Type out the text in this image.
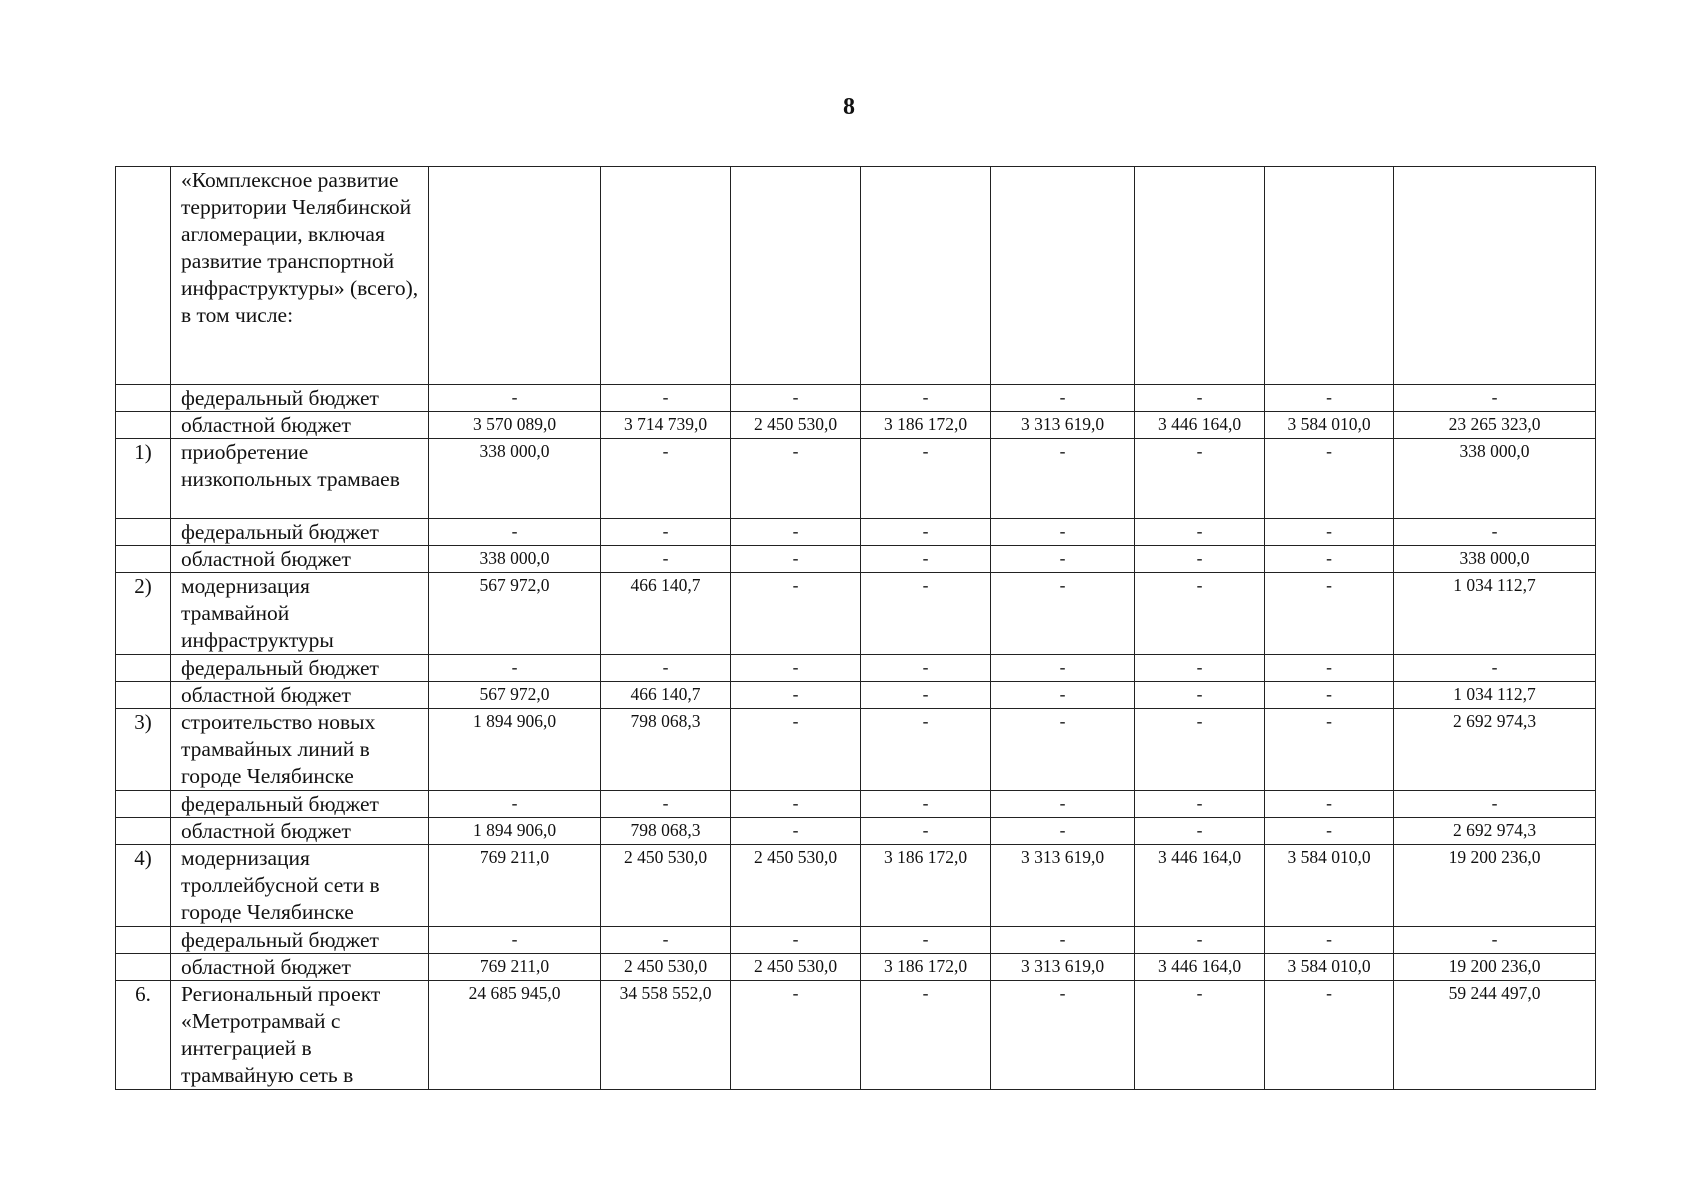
8
	«Комплексное развитие территории Челябинской агломерации, включая развитие транспортной инфраструктуры» (всего), в том числе:								
	федеральный бюджет	-	-	-	-	-	-	-	-
	областной бюджет	3 570 089,0	3 714 739,0	2 450 530,0	3 186 172,0	3 313 619,0	3 446 164,0	3 584 010,0	23 265 323,0
1)	приобретение низкопольных трамваев	338 000,0	-	-	-	-	-	-	338 000,0
	федеральный бюджет	-	-	-	-	-	-	-	-
	областной бюджет	338 000,0	-	-	-	-	-	-	338 000,0
2)	модернизация трамвайной инфраструктуры	567 972,0	466 140,7	-	-	-	-	-	1 034 112,7
	федеральный бюджет	-	-	-	-	-	-	-	-
	областной бюджет	567 972,0	466 140,7	-	-	-	-	-	1 034 112,7
3)	строительство новых трамвайных линий в городе Челябинске	1 894 906,0	798 068,3	-	-	-	-	-	2 692 974,3
	федеральный бюджет	-	-	-	-	-	-	-	-
	областной бюджет	1 894 906,0	798 068,3	-	-	-	-	-	2 692 974,3
4)	модернизация троллейбусной сети в городе Челябинске	769 211,0	2 450 530,0	2 450 530,0	3 186 172,0	3 313 619,0	3 446 164,0	3 584 010,0	19 200 236,0
	федеральный бюджет	-	-	-	-	-	-	-	-
	областной бюджет	769 211,0	2 450 530,0	2 450 530,0	3 186 172,0	3 313 619,0	3 446 164,0	3 584 010,0	19 200 236,0
6.	Региональный проект «Метротрамвай с интеграцией в трамвайную сеть в	24 685 945,0	34 558 552,0	-	-	-	-	-	59 244 497,0
